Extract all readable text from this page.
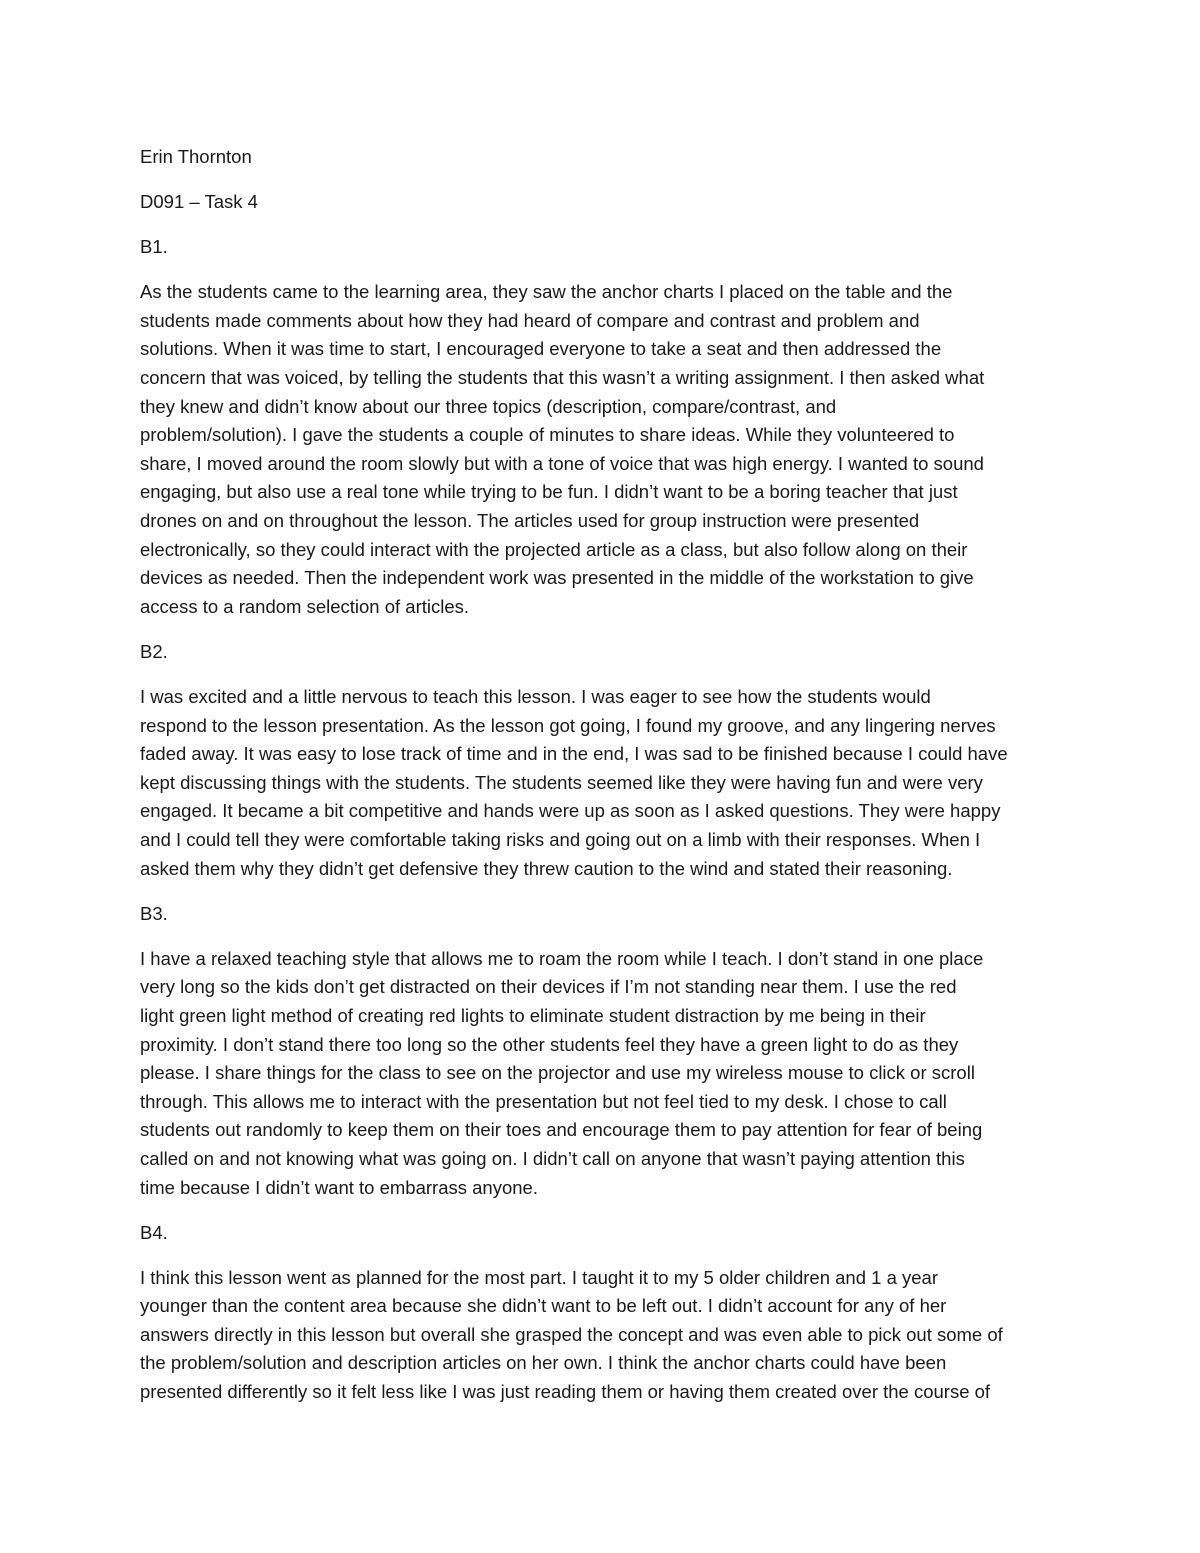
Erin Thornton
D091 – Task 4
B1.
As the students came to the learning area, they saw the anchor charts I placed on the table and the
students made comments about how they had heard of compare and contrast and problem and
solutions. When it was time to start, I encouraged everyone to take a seat and then addressed the
concern that was voiced, by telling the students that this wasn’t a writing assignment. I then asked what
they knew and didn’t know about our three topics (description, compare/contrast, and
problem/solution). I gave the students a couple of minutes to share ideas. While they volunteered to
share, I moved around the room slowly but with a tone of voice that was high energy. I wanted to sound
engaging, but also use a real tone while trying to be fun. I didn’t want to be a boring teacher that just
drones on and on throughout the lesson. The articles used for group instruction were presented
electronically, so they could interact with the projected article as a class, but also follow along on their
devices as needed. Then the independent work was presented in the middle of the workstation to give
access to a random selection of articles.
B2.
I was excited and a little nervous to teach this lesson. I was eager to see how the students would
respond to the lesson presentation. As the lesson got going, I found my groove, and any lingering nerves
faded away. It was easy to lose track of time and in the end, I was sad to be finished because I could have
kept discussing things with the students. The students seemed like they were having fun and were very
engaged. It became a bit competitive and hands were up as soon as I asked questions. They were happy
and I could tell they were comfortable taking risks and going out on a limb with their responses. When I
asked them why they didn’t get defensive they threw caution to the wind and stated their reasoning.
B3.
I have a relaxed teaching style that allows me to roam the room while I teach. I don’t stand in one place
very long so the kids don’t get distracted on their devices if I’m not standing near them. I use the red
light green light method of creating red lights to eliminate student distraction by me being in their
proximity. I don’t stand there too long so the other students feel they have a green light to do as they
please. I share things for the class to see on the projector and use my wireless mouse to click or scroll
through. This allows me to interact with the presentation but not feel tied to my desk. I chose to call
students out randomly to keep them on their toes and encourage them to pay attention for fear of being
called on and not knowing what was going on. I didn’t call on anyone that wasn’t paying attention this
time because I didn’t want to embarrass anyone.
B4.
I think this lesson went as planned for the most part. I taught it to my 5 older children and 1 a year
younger than the content area because she didn’t want to be left out. I didn’t account for any of her
answers directly in this lesson but overall she grasped the concept and was even able to pick out some of
the problem/solution and description articles on her own. I think the anchor charts could have been
presented differently so it felt less like I was just reading them or having them created over the course of
